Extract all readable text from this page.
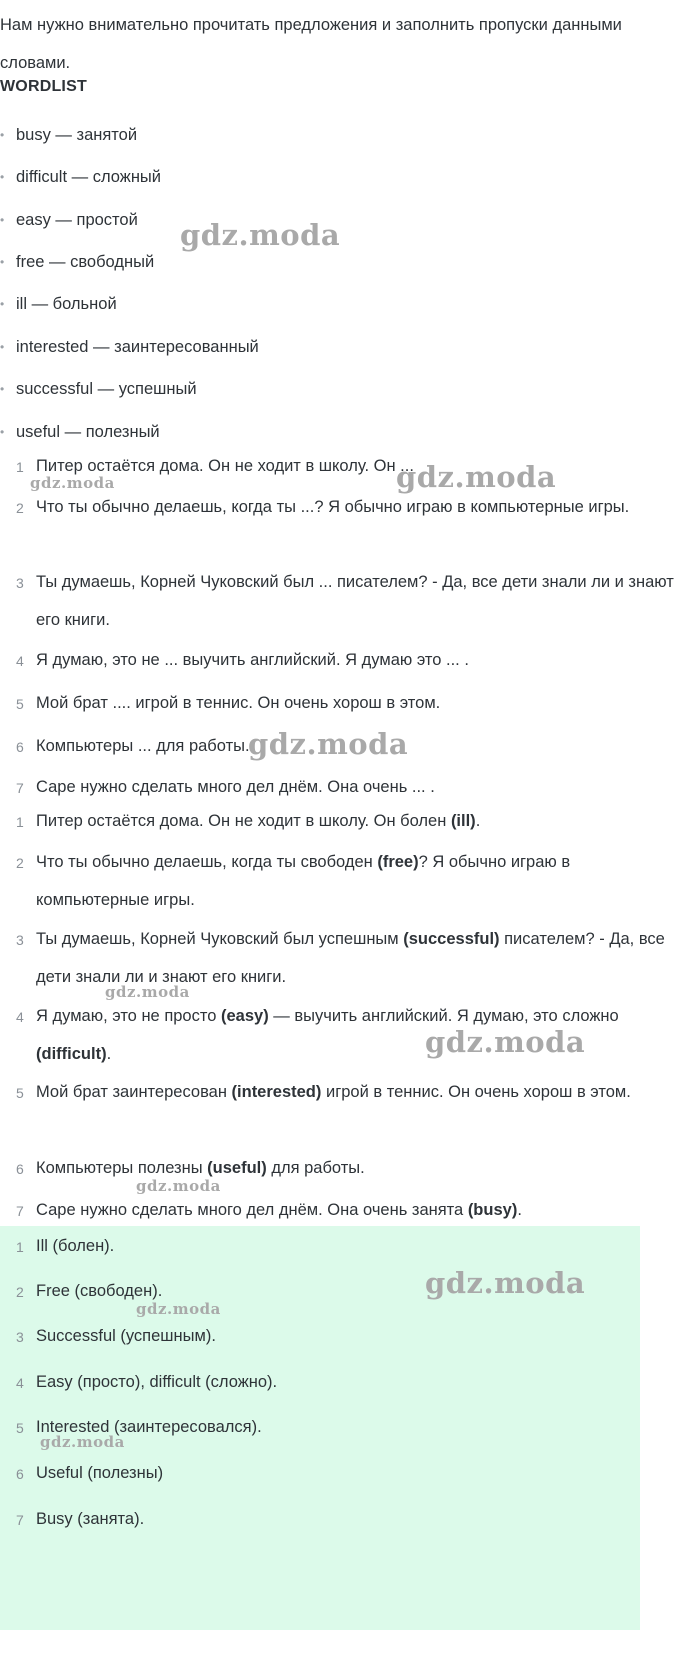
Нам нужно внимательно прочитать предложения и заполнить пропуски данными словами.

WORDLIST

• busy — занятой

• difficult — сложный

• easy — простой

• free — свободный

• ill — больной

• interested — заинтересованный

• successful — успешный

• useful — полезный

1 Питер остаётся дома. Он не ходит в школу. Он ...

2 Что ты обычно делаешь, когда ты ...? Я обычно играю в компьютерные игры.

3 Ты думаешь, Корней Чуковский был ... писателем? - Да, все дети знали ли и знают его книги.

4 Я думаю, это не ... выучить английский. Я думаю это ... .

5 Мой брат .... игрой в теннис. Он очень хорош в этом.

6 Компьютеры ... для работы.

7 Саре нужно сделать много дел днём. Она очень ... .

1 Питер остаётся дома. Он не ходит в школу. Он болен (ill).

2 Что ты обычно делаешь, когда ты свободен (free)? Я обычно играю в компьютерные игры.

3 Ты думаешь, Корней Чуковский был успешным (successful) писателем? - Да, все дети знали ли и знают его книги.

4 Я думаю, это не просто (easy) — выучить английский. Я думаю, это сложно (difficult).

5 Мой брат заинтересован (interested) игрой в теннис. Он очень хорош в этом.

6 Компьютеры полезны (useful) для работы.

7 Саре нужно сделать много дел днём. Она очень занята (busy).

1 Ill (болен).

2 Free (свободен).

3 Successful (успешным).

4 Easy (просто), difficult (сложно).

5 Interested (заинтересовался).

6 Useful (полезны)

7 Busy (занята).

gdz.moda
gdz.moda	gdz.moda
gdz.moda
gdz.moda
gdz.moda
gdz.moda
gdz.moda
gdz.moda
gdz.moda
